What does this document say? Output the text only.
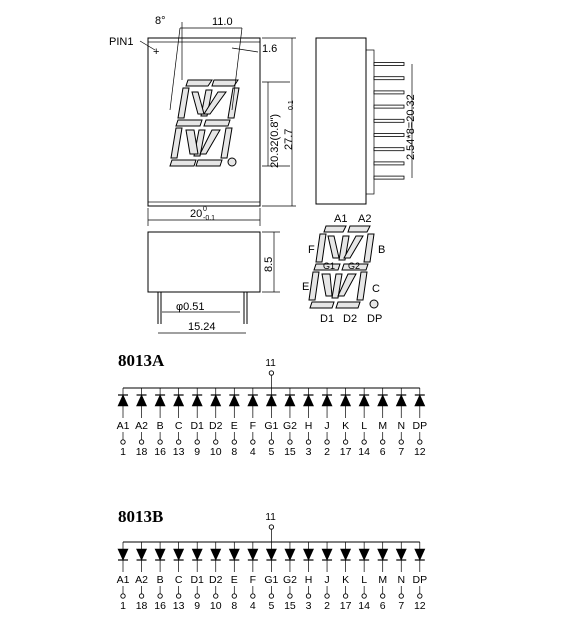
PIN1
+
8°	11.0
1.6
20.32(0.8") 27.7
0.1
20 0
-0.1
2.54*8=20.32
8.5
φ0.51
15.24
A1 A2
F	B
G1 G2
E	C
D1 D2 DP
8013A	11
A1
1
A2
18
B
16
C
13
D1
9
D2
10
E
8
F
4
G1
5
G2
15
H
3
J
2
K
17
L
14
M
6
N
7
DP
12
8013B	11
A1
1
A2
18
B
16
C
13
D1
9
D2
10
E
8
F
4
G1
5
G2
15
H
3
J
2
K
17
L
14
M
6
N
7
DP
12
